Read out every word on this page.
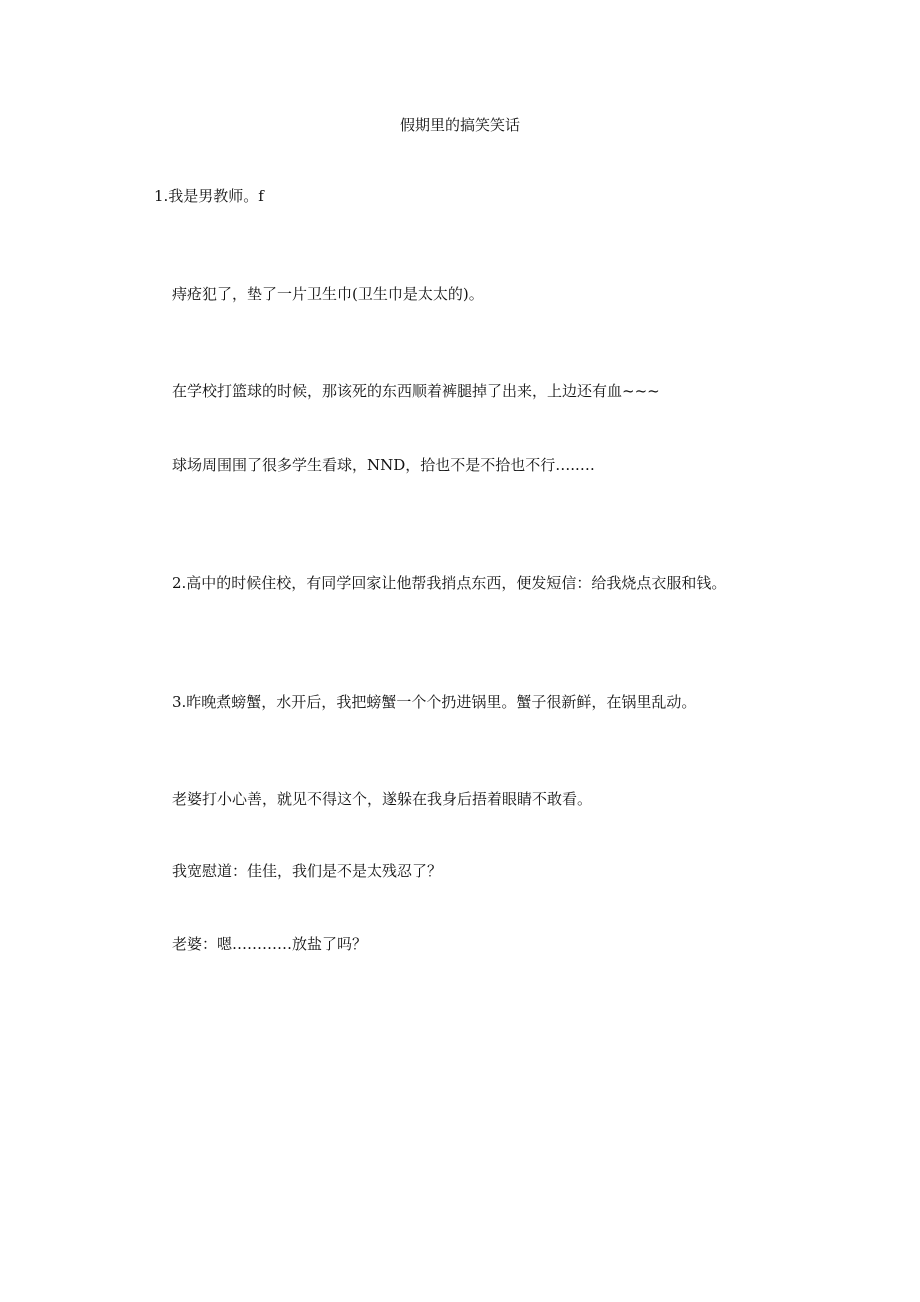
假期里的搞笑笑话
1.我是男教师。f
痔疮犯了，垫了一片卫生巾(卫生巾是太太的)。
在学校打篮球的时候，那该死的东西顺着裤腿掉了出来，上边还有血~~~
球场周围围了很多学生看球，NND，拾也不是不拾也不行…..…
2.高中的时候住校，有同学回家让他帮我捎点东西，便发短信：给我烧点衣服和钱。
3.昨晚煮螃蟹，水开后，我把螃蟹一个个扔进锅里。蟹子很新鲜，在锅里乱动。
老婆打小心善，就见不得这个，遂躲在我身后捂着眼睛不敢看。
我宽慰道：佳佳，我们是不是太残忍了？
老婆：嗯…………放盐了吗？
